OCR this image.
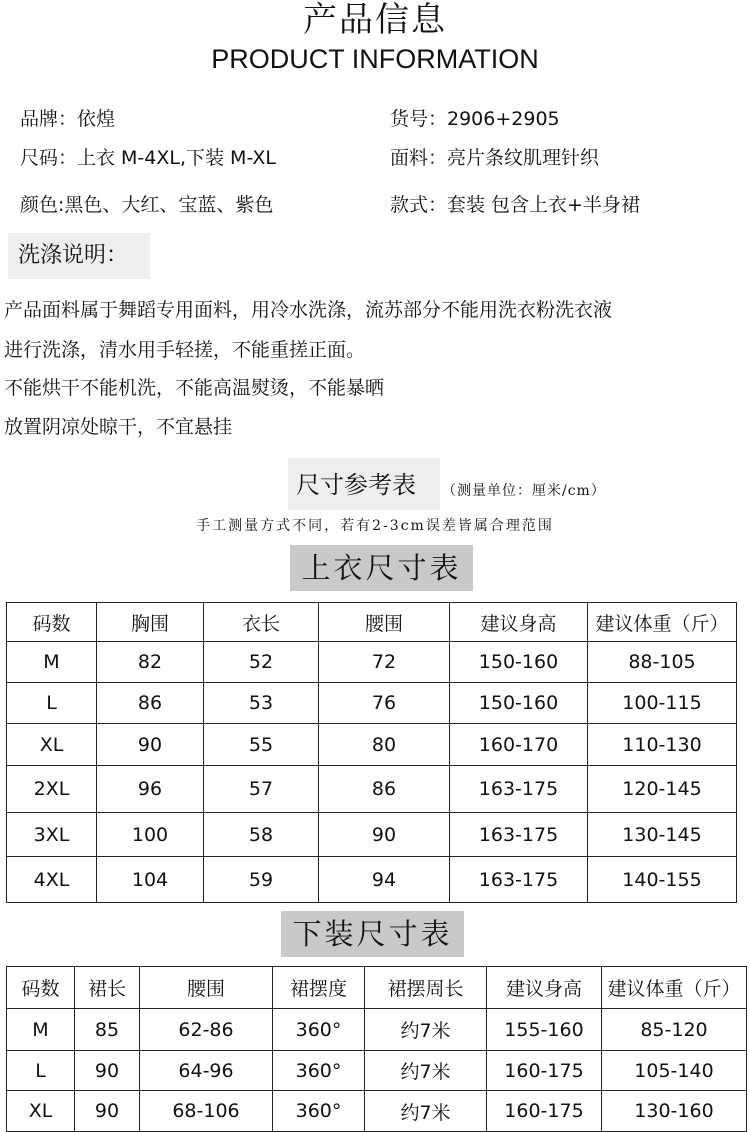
产品信息
PRODUCT INFORMATION
品牌：依煌	货号：2906+2905
尺码：上衣 M-4XL,下装 M-XL	面料：亮片条纹肌理针织
颜色:黑色、大红、宝蓝、紫色	款式：套装 包含上衣+半身裙
洗涤说明：
产品面料属于舞蹈专用面料，用冷水洗涤，流苏部分不能用洗衣粉洗衣液
进行洗涤，清水用手轻搓，不能重搓正面。
不能烘干不能机洗，不能高温熨烫，不能暴晒
放置阴凉处晾干，不宜悬挂
尺寸参考表 （测量单位：厘米/cm）
手工测量方式不同，若有2-3cm误差皆属合理范围
上衣尺寸表
码数	胸围	衣长	腰围	建议身高	建议体重（斤）
M	82	52	72	150-160	88-105
L	86	53	76	150-160	100-115
XL	90	55	80	160-170	110-130
2XL	96	57	86	163-175	120-145
3XL	100	58	90	163-175	130-145
4XL	104	59	94	163-175	140-155
下装尺寸表
码数	裙长	腰围	裙摆度	裙摆周长	建议身高	建议体重（斤）
M	85	62-86	360°	约7米	155-160	85-120
L	90	64-96	360°	约7米	160-175	105-140
XL	90	68-106	360°	约7米	160-175	130-160
